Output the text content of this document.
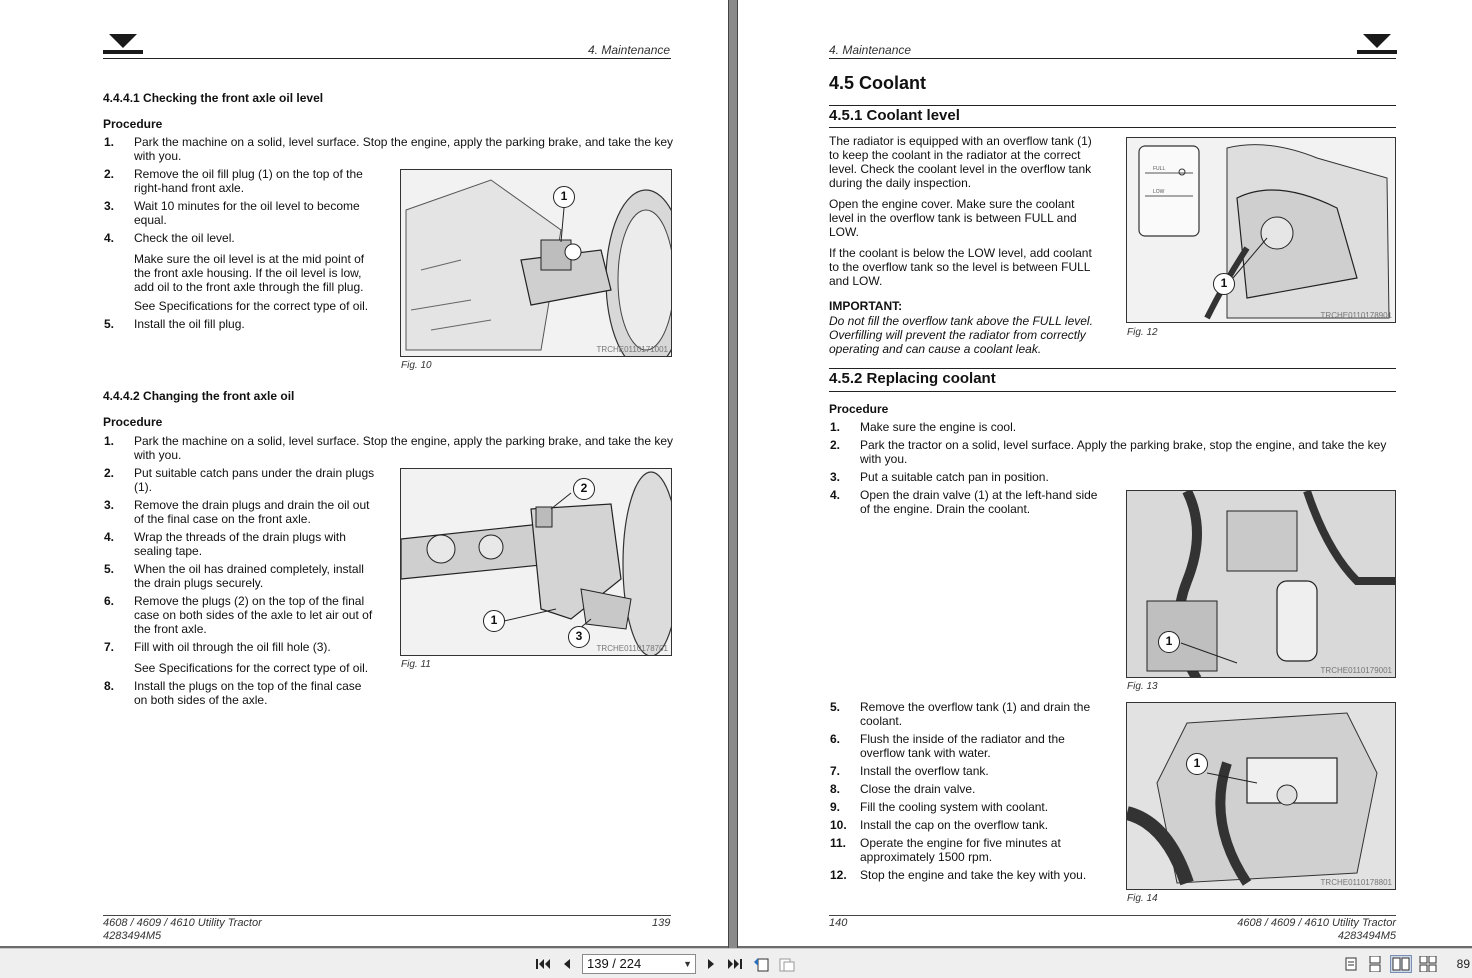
4. Maintenance
4.4.4.1 Checking the front axle oil level
Procedure
1. Park the machine on a solid, level surface. Stop the engine, apply the parking brake, and take the key
with you.
2. Remove the oil fill plug (1) on the top of the
right-hand front axle.
3. Wait 10 minutes for the oil level to become
equal.
4. Check the oil level.
Make sure the oil level is at the mid point of
the front axle housing. If the oil level is low,
add oil to the front axle through the fill plug.
See Specifications for the correct type of oil.
5. Install the oil fill plug.
1
TRCHE0110171001
Fig. 10
4.4.4.2 Changing the front axle oil
Procedure
1. Park the machine on a solid, level surface. Stop the engine, apply the parking brake, and take the key
with you.
2. Put suitable catch pans under the drain plugs
(1).
3. Remove the drain plugs and drain the oil out
of the final case on the front axle.
4. Wrap the threads of the drain plugs with
sealing tape.
5. When the oil has drained completely, install
the drain plugs securely.
6. Remove the plugs (2) on the top of the final
case on both sides of the axle to let air out of
the front axle.
7. Fill with oil through the oil fill hole (3).
See Specifications for the correct type of oil.
8. Install the plugs on the top of the final case
on both sides of the axle.
2
1
3
TRCHE0110178701
Fig. 11
4608 / 4609 / 4610 Utility Tractor
4283494M5
139
4. Maintenance
4.5 Coolant
4.5.1 Coolant level
The radiator is equipped with an overflow tank (1)
to keep the coolant in the radiator at the correct
level. Check the coolant level in the overflow tank
during the daily inspection.
Open the engine cover. Make sure the coolant
level in the overflow tank is between FULL and
LOW.
If the coolant is below the LOW level, add coolant
to the overflow tank so the level is between FULL
and LOW.
IMPORTANT:
Do not fill the overflow tank above the FULL level.
Overfilling will prevent the radiator from correctly
operating and can cause a coolant leak.
FULL
LOW
1
TRCHE0110178901
Fig. 12
4.5.2 Replacing coolant
Procedure
1. Make sure the engine is cool.
2. Park the tractor on a solid, level surface. Apply the parking brake, stop the engine, and take the key
with you.
3. Put a suitable catch pan in position.
4. Open the drain valve (1) at the left-hand side
of the engine. Drain the coolant.
5. Remove the overflow tank (1) and drain the
coolant.
6. Flush the inside of the radiator and the
overflow tank with water.
7. Install the overflow tank.
8. Close the drain valve.
9. Fill the cooling system with coolant.
10. Install the cap on the overflow tank.
11. Operate the engine for five minutes at
approximately 1500 rpm.
12. Stop the engine and take the key with you.
1
TRCHE0110179001
Fig. 13
1
TRCHE0110178801
Fig. 14
140	4608 / 4609 / 4610 Utility Tractor
4283494M5
139 / 224	▼	89
